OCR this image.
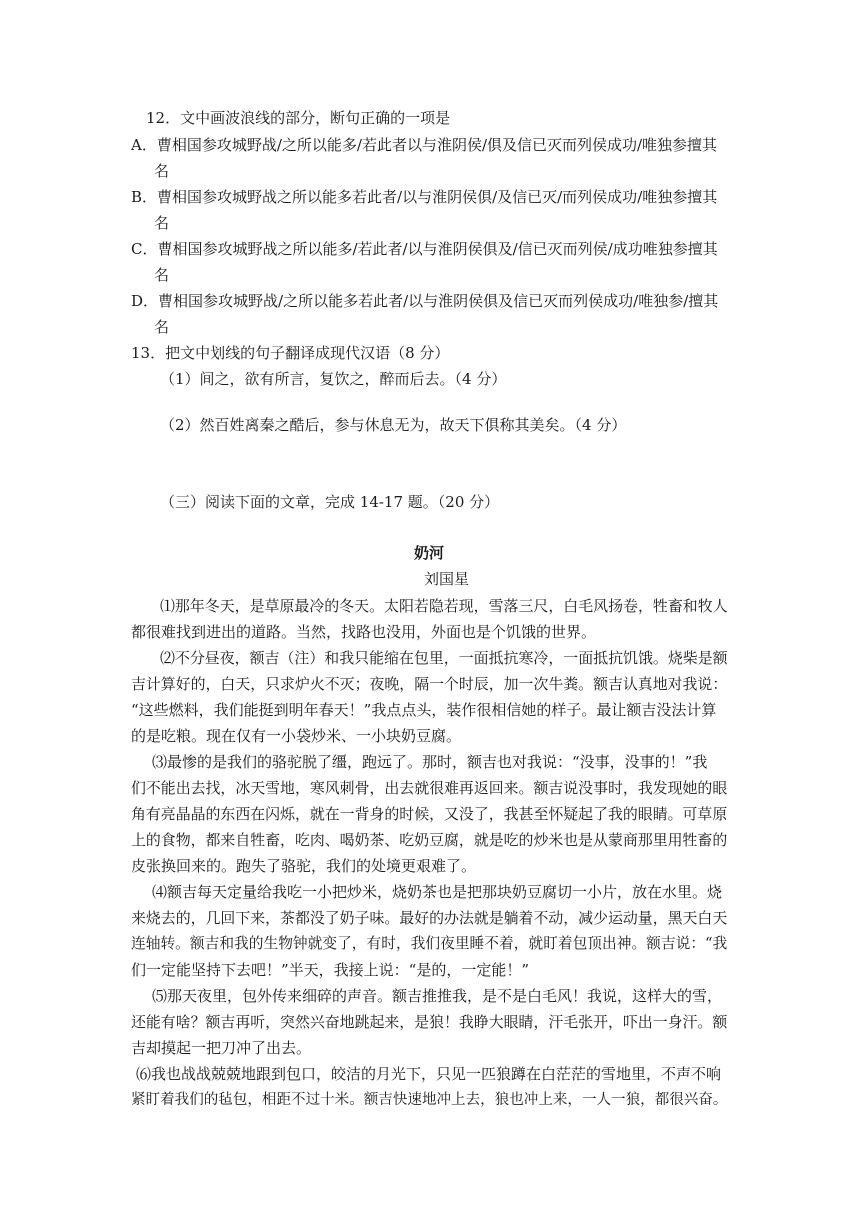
12．文中画波浪线的部分，断句正确的一项是
A．曹相国参攻城野战/之所以能多/若此者以与淮阴侯/俱及信已灭而列侯成功/唯独参擅其
名
B．曹相国参攻城野战之所以能多若此者/以与淮阴侯俱/及信已灭/而列侯成功/唯独参擅其
名
C．曹相国参攻城野战之所以能多/若此者/以与淮阴侯俱及/信已灭而列侯/成功唯独参擅其
名
D．曹相国参攻城野战/之所以能多若此者/以与淮阴侯俱及信已灭而列侯成功/唯独参/擅其
名
13．把文中划线的句子翻译成现代汉语（8 分）
（1）间之，欲有所言，复饮之，醉而后去。（4 分）
（2）然百姓离秦之酷后，参与休息无为，故天下俱称其美矣。（4 分）
（三）阅读下面的文章，完成 14-17 题。（20 分）
奶河
刘国星
⑴那年冬天，是草原最冷的冬天。太阳若隐若现，雪落三尺，白毛风扬卷，牲畜和牧人
都很难找到进出的道路。当然，找路也没用，外面也是个饥饿的世界。
⑵不分昼夜，额吉（注）和我只能缩在包里，一面抵抗寒冷，一面抵抗饥饿。烧柴是额
吉计算好的，白天，只求炉火不灭；夜晚，隔一个时辰，加一次牛粪。额吉认真地对我说：
“这些燃料，我们能挺到明年春天！”我点点头，装作很相信她的样子。最让额吉没法计算
的是吃粮。现在仅有一小袋炒米、一小块奶豆腐。
⑶最惨的是我们的骆驼脱了缰，跑远了。那时，额吉也对我说：“没事，没事的！”我
们不能出去找，冰天雪地，寒风刺骨，出去就很难再返回来。额吉说没事时，我发现她的眼
角有亮晶晶的东西在闪烁，就在一背身的时候，又没了，我甚至怀疑起了我的眼睛。可草原
上的食物，都来自牲畜，吃肉、喝奶茶、吃奶豆腐，就是吃的炒米也是从蒙商那里用牲畜的
皮张换回来的。跑失了骆驼，我们的处境更艰难了。
⑷额吉每天定量给我吃一小把炒米，烧奶茶也是把那块奶豆腐切一小片，放在水里。烧
来烧去的，几回下来，茶都没了奶子味。最好的办法就是躺着不动，减少运动量，黑天白天
连轴转。额吉和我的生物钟就变了，有时，我们夜里睡不着，就盯着包顶出神。额吉说：“我
们一定能坚持下去吧！”半天，我接上说：“是的，一定能！”
⑸那天夜里，包外传来细碎的声音。额吉推推我，是不是白毛风！我说，这样大的雪，
还能有啥？额吉再听，突然兴奋地跳起来，是狼！我睁大眼睛，汗毛张开，吓出一身汗。额
吉却摸起一把刀冲了出去。
⑹我也战战兢兢地跟到包口，皎洁的月光下，只见一匹狼蹲在白茫茫的雪地里，不声不响
紧盯着我们的毡包，相距不过十米。额吉快速地冲上去，狼也冲上来，一人一狼，都很兴奋。
